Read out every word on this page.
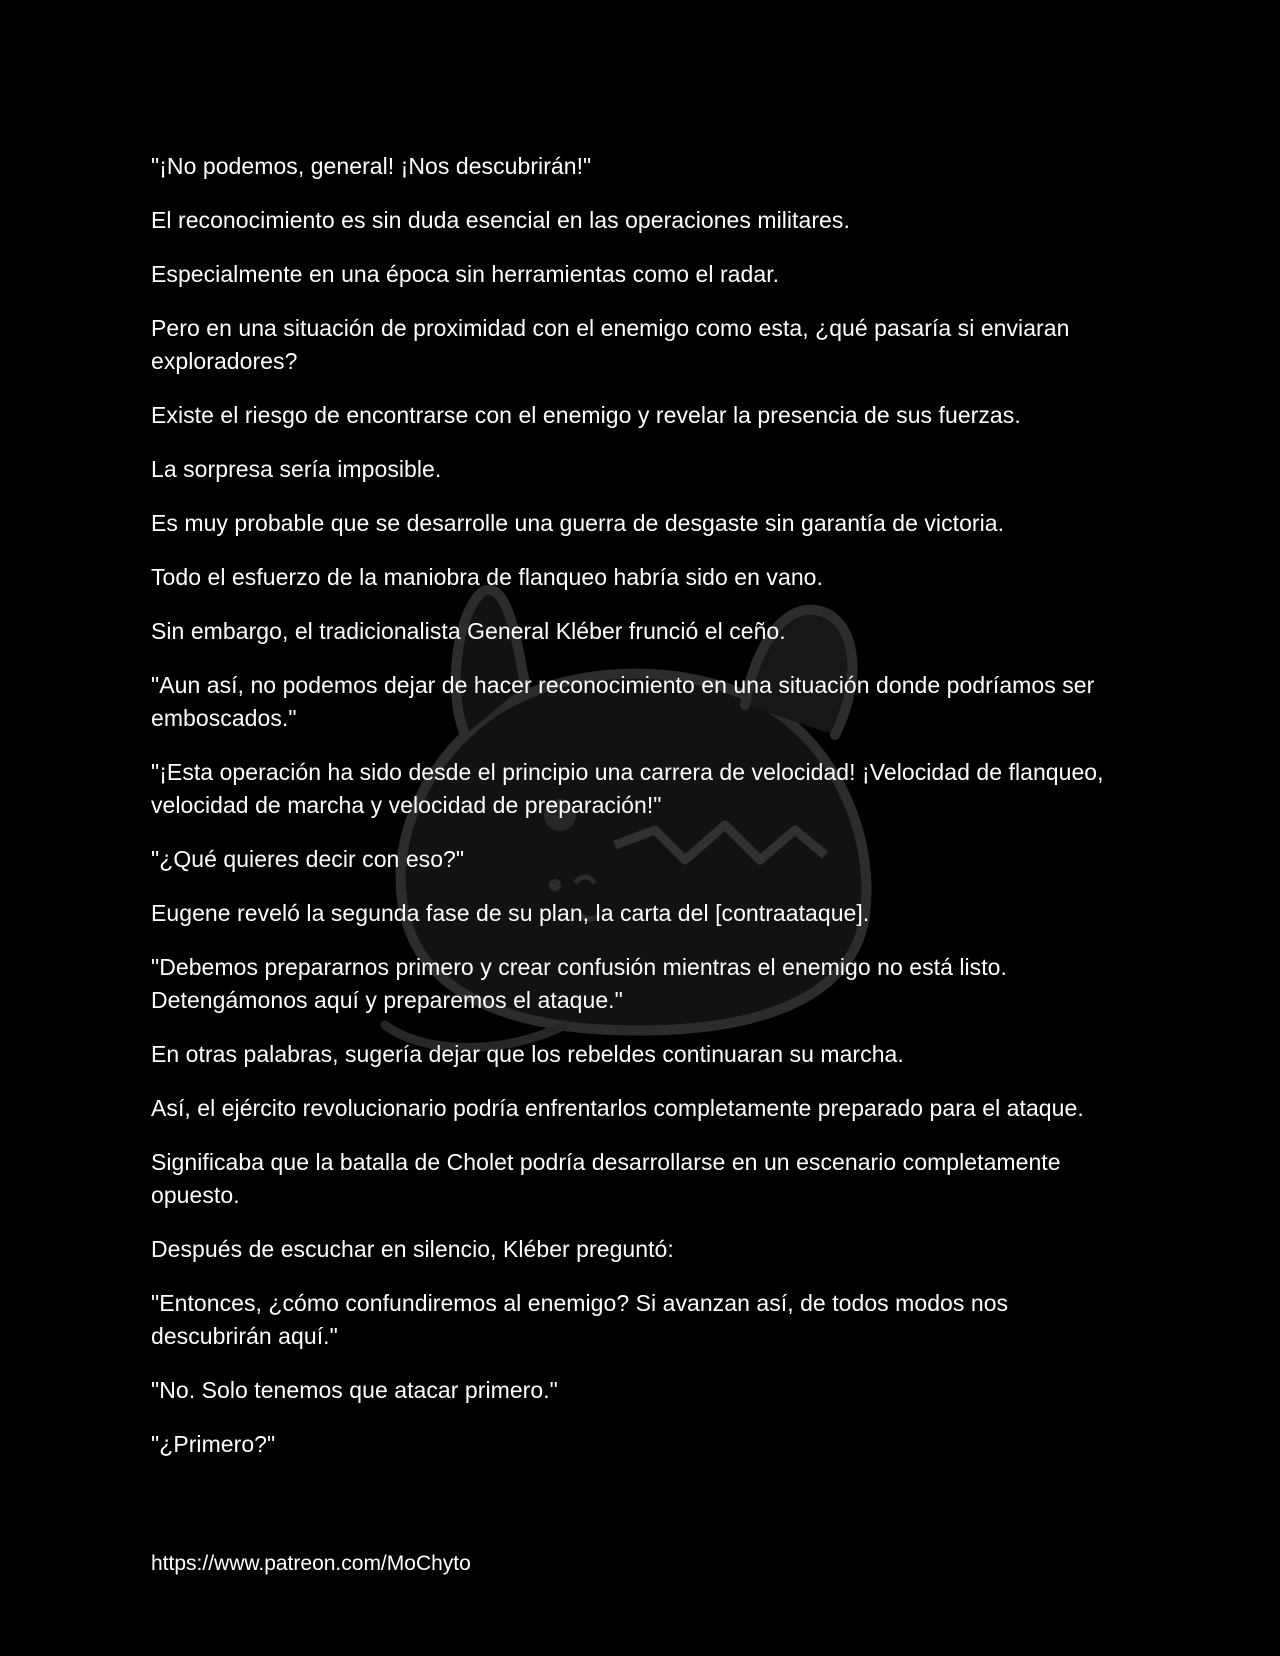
"¡No podemos, general! ¡Nos descubrirán!"

El reconocimiento es sin duda esencial en las operaciones militares.

Especialmente en una época sin herramientas como el radar.

Pero en una situación de proximidad con el enemigo como esta, ¿qué pasaría si enviaran exploradores?

Existe el riesgo de encontrarse con el enemigo y revelar la presencia de sus fuerzas.

La sorpresa sería imposible.

Es muy probable que se desarrolle una guerra de desgaste sin garantía de victoria.

Todo el esfuerzo de la maniobra de flanqueo habría sido en vano.

Sin embargo, el tradicionalista General Kléber frunció el ceño.

"Aun así, no podemos dejar de hacer reconocimiento en una situación donde podríamos ser emboscados."

"¡Esta operación ha sido desde el principio una carrera de velocidad! ¡Velocidad de flanqueo, velocidad de marcha y velocidad de preparación!"

"¿Qué quieres decir con eso?"

Eugene reveló la segunda fase de su plan, la carta del [contraataque].

"Debemos prepararnos primero y crear confusión mientras el enemigo no está listo. Detengámonos aquí y preparemos el ataque."

En otras palabras, sugería dejar que los rebeldes continuaran su marcha.

Así, el ejército revolucionario podría enfrentarlos completamente preparado para el ataque.

Significaba que la batalla de Cholet podría desarrollarse en un escenario completamente opuesto.

Después de escuchar en silencio, Kléber preguntó:

"Entonces, ¿cómo confundiremos al enemigo? Si avanzan así, de todos modos nos descubrirán aquí."

"No. Solo tenemos que atacar primero."

"¿Primero?"

https://www.patreon.com/MoChyto
